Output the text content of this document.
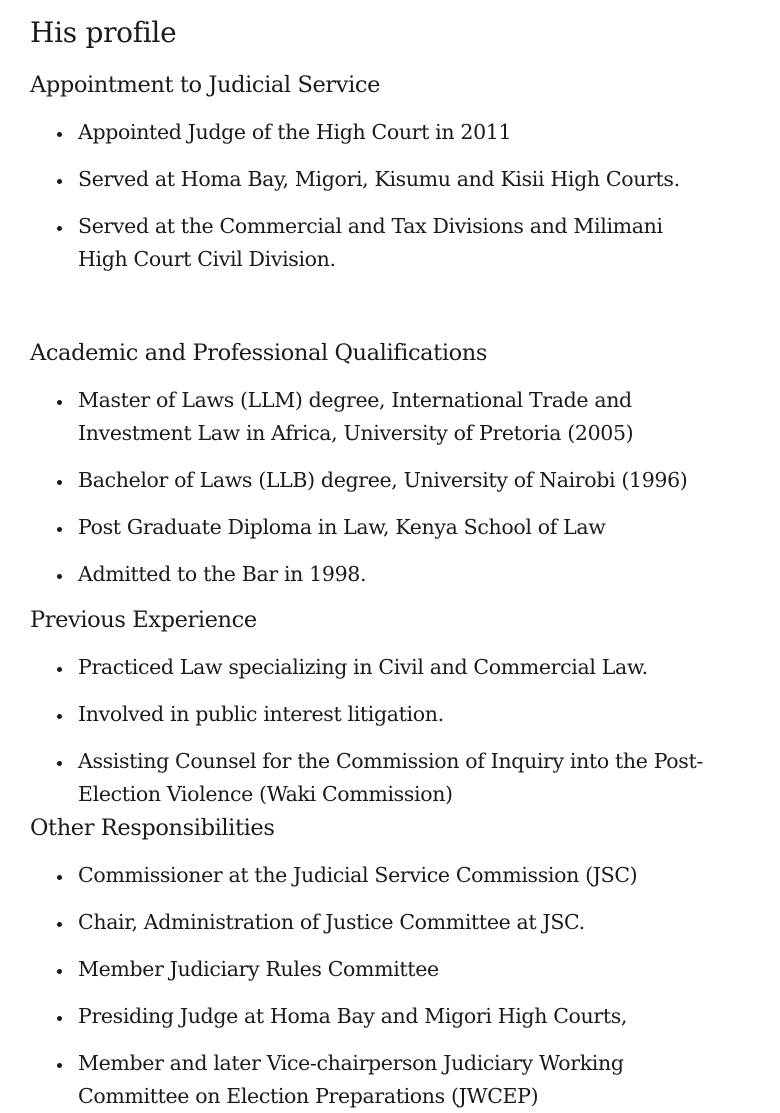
His profile
Appointment to Judicial Service
Appointed Judge of the High Court in 2011
Served at Homa Bay, Migori, Kisumu and Kisii High Courts.
Served at the Commercial and Tax Divisions and Milimani High Court Civil Division.
Academic and Professional Qualifications
Master of Laws (LLM) degree, International Trade and Investment Law in Africa, University of Pretoria (2005)
Bachelor of Laws (LLB) degree, University of Nairobi (1996)
Post Graduate Diploma in Law, Kenya School of Law
Admitted to the Bar in 1998.
Previous Experience
Practiced Law specializing in Civil and Commercial Law.
Involved in public interest litigation.
Assisting Counsel for the Commission of Inquiry into the Post-Election Violence (Waki Commission)
Other Responsibilities
Commissioner at the Judicial Service Commission (JSC)
Chair, Administration of Justice Committee at JSC.
Member Judiciary Rules Committee
Presiding Judge at Homa Bay and Migori High Courts,
Member and later Vice-chairperson Judiciary Working Committee on Election Preparations (JWCEP)
